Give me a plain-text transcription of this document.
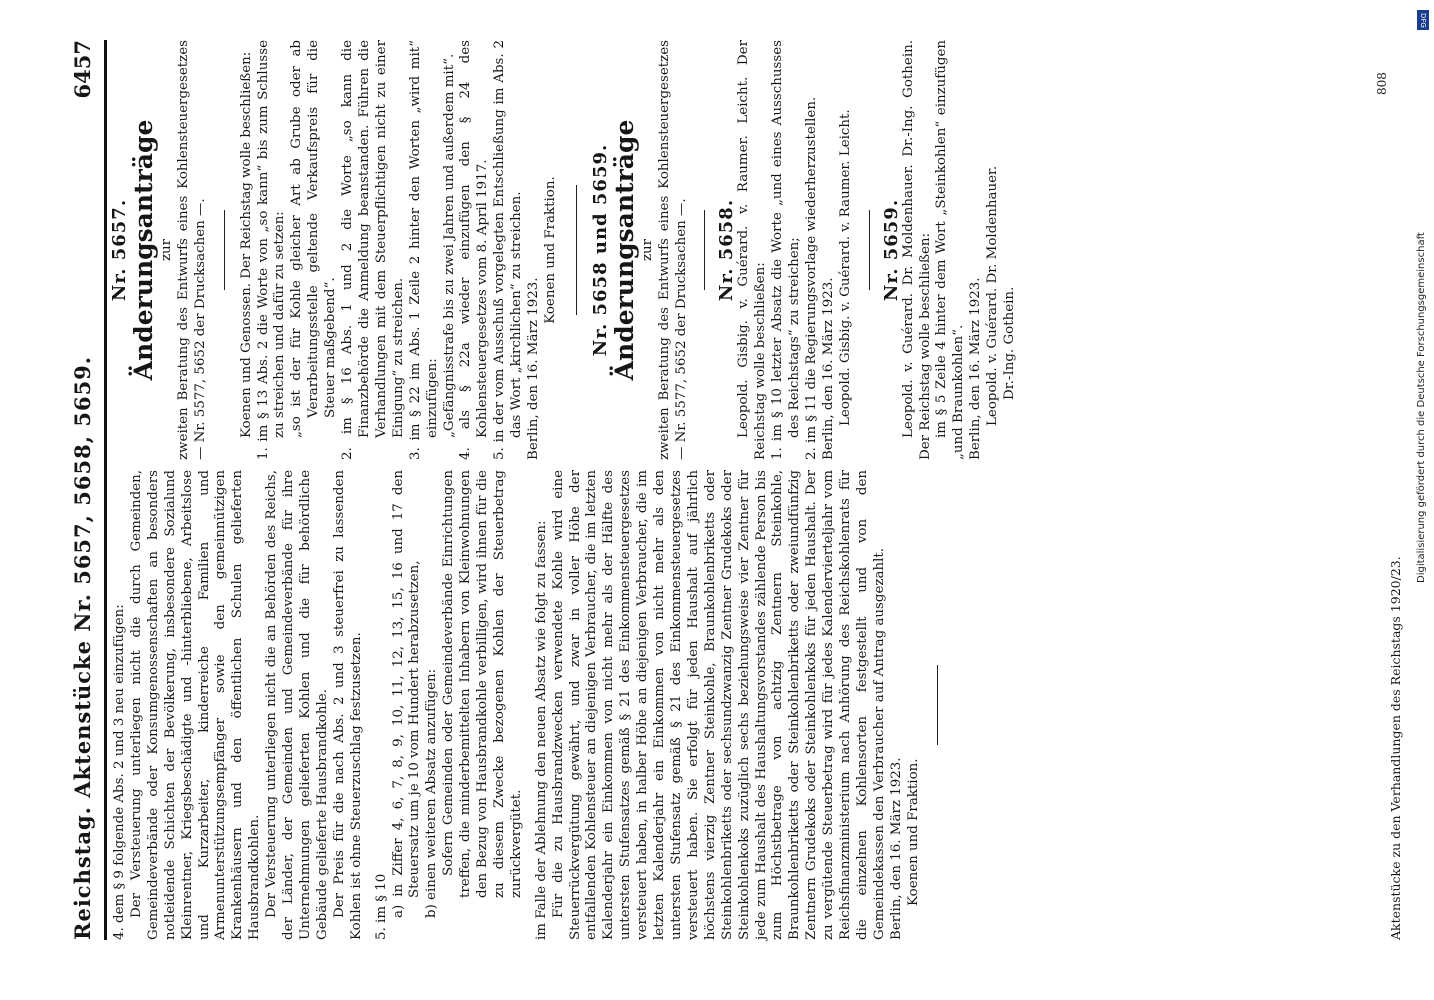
Reichstag. Aktenstücke Nr. 5657, 5658, 5659.
6457

4. dem § 9 folgende Abs. 2 und 3 neu einzufügen: Der Versteuerung unterliegen nicht die durch Gemeinden, Gemeindeverbände oder Konsumgenossenschaften an besonders notleidende Schichten der Bevölkerung, insbesondere Sozialund Kleinrentner, Kriegsbeschädigte und -hinterbliebene, Arbeitslose und Kurzarbeiter, kinderreiche Familien und Armenunterstützungsempfänger sowie den gemeinnützigen Krankenhäusern und den öffentlichen Schulen gelieferten Hausbrandkohlen. Der Versteuerung unterliegen nicht die an Behörden des Reichs, der Länder, der Gemeinden und Gemeindeverbände für ihre Unternehmungen gelieferten Kohlen und die für behördliche Gebäude gelieferte Hausbrandkohle. Der Preis für die nach Abs. 2 und 3 steuerfrei zu lassenden Kohlen ist ohne Steuerzuschlag festzusetzen. 5. im § 10 a) in Ziffer 4, 6, 7, 8, 9, 10, 11, 12, 13, 15, 16 und 17 den Steuersatz um je 10 vom Hundert herabzusetzen, b) einen weiteren Absatz anzufügen: Sofern Gemeinden oder Gemeindeverbände Einrichtungen treffen, die minderbemittelten Inhabern von Kleinwohnungen den Bezug von Hausbrandkohle verbilligen, wird ihnen für die zu diesem Zwecke bezogenen Kohlen der Steuerbetrag zurückvergütet. im Falle der Ablehnung den neuen Absatz wie folgt zu fassen: Für die zu Hausbrandzwecken verwendete Kohle wird eine Steuerrückvergütung gewährt, und zwar in voller Höhe der entfallenden Kohlensteuer an diejenigen Verbraucher, die im letzten Kalenderjahr ein Einkommen von nicht mehr als der Hälfte des untersten Stufensatzes gemäß § 21 des Einkommensteuergesetzes versteuert haben, in halber Höhe an diejenigen Verbraucher, die im letzten Kalenderjahr ein Einkommen von nicht mehr als den untersten Stufensatz gemäß § 21 des Einkommensteuergesetzes versteuert haben. Sie erfolgt für jeden Haushalt auf jährlich höchstens vierzig Zentner Steinkohle, Braunkohlenbriketts oder Steinkohlenbriketts oder sechsundzwanzig Zentner Grudekoks oder Steinkohlenkoks zuzüglich sechs beziehungsweise vier Zentner für jede zum Haushalt des Haushaltungsvorstandes zählende Person bis zum Höchstbetrage von achtzig Zentnern Steinkohle, Braunkohlenbriketts oder Steinkohlenbriketts oder zweiundfünfzig Zentnern Grudekoks oder Steinkohlenkoks für jeden Haushalt. Der zu vergütende Steuerbetrag wird für jedes Kalendervierteljahr vom Reichsfinanzministerium nach Anhörung des Reichskohlenrats für die einzelnen Kohlensorten festgestellt und von den Gemeindekassen den Verbraucher auf Antrag ausgezahlt. Berlin, den 16. März 1923. Koenen und Fraktion.

Nr. 5657.

Änderungsanträge zur zweiten Beratung des Entwurfs eines Kohlensteuergesetzes — Nr. 5577, 5652 der Drucksachen —. Koenen und Genossen. Der Reichstag wolle beschließen: 1. im § 13 Abs. 2 die Worte von „so kann“ bis zum Schlusse zu streichen und dafür zu setzen: „so ist der für Kohle gleicher Art ab Grube oder ab Verarbeitungsstelle geltende Verkaufspreis für die Steuer maßgebend“. 2. im § 16 Abs. 1 und 2 die Worte „so kann die Finanzbehörde die Anmeldung beanstanden. Führen die Verhandlungen mit dem Steuerpflichtigen nicht zu einer Einigung“ zu streichen. 3. im § 22 im Abs. 1 Zeile 2 hinter den Worten „wird mit“ einzufügen: „Gefängnisstrafe bis zu zwei Jahren und außerdem mit“. 4. als § 22a wieder einzufügen den § 24 des Kohlensteuergesetzes vom 8. April 1917. 5. in der vom Ausschuß vorgelegten Entschließung im Abs. 2 das Wort „kirchlichen“ zu streichen. Berlin, den 16. März 1923.

Koenen und Fraktion. Nr. 5658 und 5659.

Änderungsanträge zur zweiten Beratung des Entwurfs eines Kohlensteuergesetzes — Nr. 5577, 5652 der Drucksachen —. Nr. 5658.

Leopold. Gisbig. v. Guérard. v. Raumer. Leicht. Der Reichstag wolle beschließen: 1. im § 10 letzter Absatz die Worte „und eines Ausschusses des Reichstags“ zu streichen; 2. im § 11 die Regierungsvorlage wiederherzustellen. Berlin, den 16. März 1923. Leopold. Gisbig. v. Guérard. v. Raumer. Leicht. Nr. 5659.

Leopold. v. Guérard. Dr. Moldenhauer. Dr.-Ing. Gothein. Der Reichstag wolle beschließen: im § 5 Zeile 4 hinter dem Wort „Steinkohlen“ einzufügen „und Braunkohlen“. Berlin, den 16. März 1923. Leopold. v. Guérard. Dr. Moldenhauer. Dr.-Ing. Gothein.

Aktenstücke zu den Verhandlungen des Reichstags 1920/23.
808
DFG
Digitalisierung gefördert durch die Deutsche Forschungsgemeinschaft
